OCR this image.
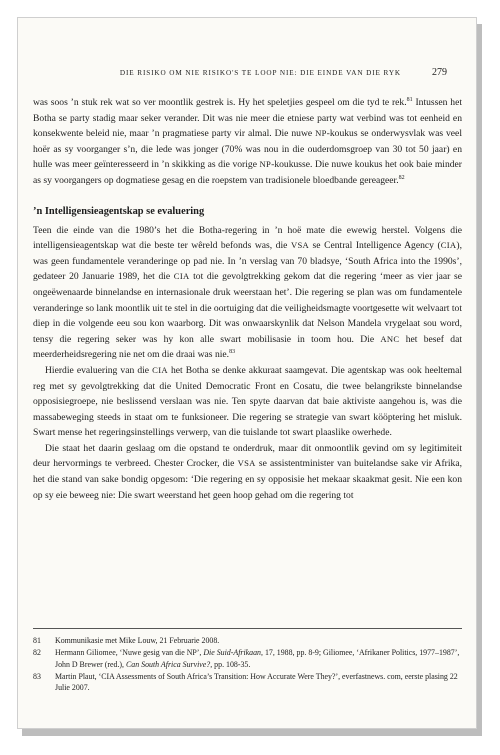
DIE RISIKO OM NIE RISIKO'S TE LOOP NIE: DIE EINDE VAN DIE RYK	279

was soos ’n stuk rek wat so ver moontlik gestrek is. Hy het speletjies gespeel om die tyd te rek.$^{81}$ Intussen het Botha se party stadig maar seker verander. Dit was nie meer die etniese party wat verbind was tot eenheid en konsekwente beleid nie, maar ’n pragmatiese party vir almal. Die nuwe NP-koukus se onderwysvlak was veel hoër as sy voorganger s’n, die lede was jonger (70% was nou in die ouderdomsgroep van 30 tot 50 jaar) en hulle was meer geïnteresseerd in ’n skikking as die vorige NP-koukusse. Die nuwe koukus het ook baie minder as sy voorgangers op dogmatiese gesag en die roepstem van tradisionele bloedbande gereageer.$^{82}$

’n Intelligensieagentskap se evaluering

Teen die einde van die 1980’s het die Botha-regering in ’n hoë mate die ewewig herstel. Volgens die intelligensieagentskap wat die beste ter wêreld befonds was, die VSA se Central Intelligence Agency (CIA), was geen fundamentele veranderinge op pad nie. In ’n verslag van 70 bladsye, ‘South Africa into the 1990s’, gedateer 20 Januarie 1989, het die CIA tot die gevolgtrekking gekom dat die regering ‘meer as vier jaar se ongeëwenaarde binnelandse en internasionale druk weerstaan het’. Die regering se plan was om fundamentele veranderinge so lank moontlik uit te stel in die oortuiging dat die veiligheidsmagte voortgesette wit welvaart tot diep in die volgende eeu sou kon waarborg. Dit was onwaarskynlik dat Nelson Mandela vrygelaat sou word, tensy die regering seker was hy kon alle swart mobilisasie in toom hou. Die ANC het besef dat meerderheidsregering nie net om die draai was nie.$^{83}$

Hierdie evaluering van die CIA het Botha se denke akkuraat saamgevat. Die agentskap was ook heeltemal reg met sy gevolgtrekking dat die United Democratic Front en Cosatu, die twee belangrikste binnelandse opposisiegroepe, nie beslissend verslaan was nie. Ten spyte daarvan dat baie aktiviste aangehou is, was die massabeweging steeds in staat om te funksioneer. Die regering se strategie van swart kööptering het misluk. Swart mense het regeringsinstellings verwerp, van die tuislande tot swart plaaslike owerhede.

Die staat het daarin geslaag om die opstand te onderdruk, maar dit onmoontlik gevind om sy legitimiteit deur hervormings te verbreed. Chester Crocker, die VSA se assistentminister van buitelandse sake vir Afrika, het die stand van sake bondig opgesom: ‘Die regering en sy opposisie het mekaar skaakmat gesit. Nie een kon op sy eie beweeg nie: Die swart weerstand het geen hoop gehad om die regering tot

81	Kommunikasie met Mike Louw, 21 Februarie 2008.
82	Hermann Giliomee, ‘Nuwe gesig van die NP’, Die Suid-Afrikaan, 17, 1988, pp. 8-9; Giliomee, ‘Afrikaner Politics, 1977–1987’, John D Brewer (red.), Can South Africa Survive?, pp. 108-35.
83	Martin Plaut, ‘CIA Assessments of South Africa’s Transition: How Accurate Were They?’, everfastnews. com, eerste plasing 22 Julie 2007.
